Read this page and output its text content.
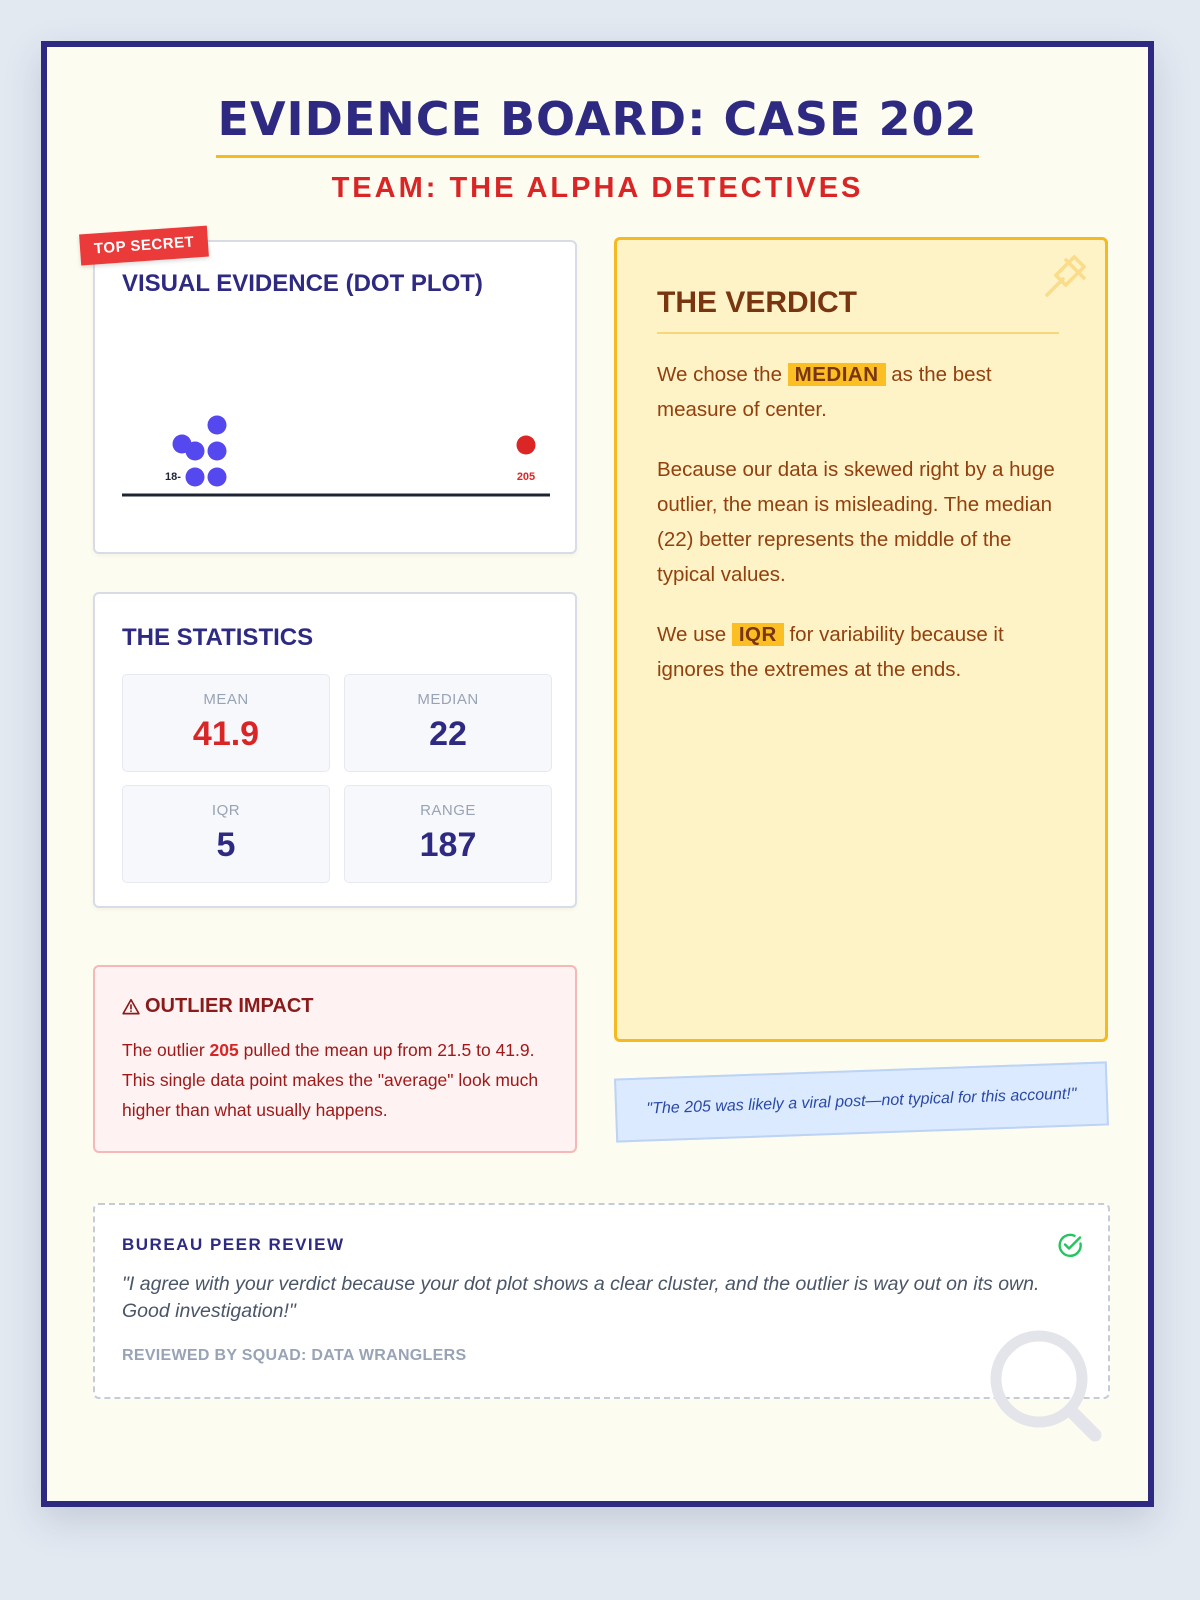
EVIDENCE BOARD: CASE 202
TEAM: THE ALPHA DETECTIVES
VISUAL EVIDENCE (DOT PLOT)
18-	205
TOP SECRET
THE STATISTICS
MEAN
41.9
MEDIAN
22
IQR
5
RANGE
187
OUTLIER IMPACT
The outlier 205 pulled the mean up from 21.5 to 41.9. This single data point makes the "average" look much higher than what usually happens.
THE VERDICT

We chose the MEDIAN as the best measure of center.

Because our data is skewed right by a huge outlier, the mean is misleading. The median (22) better represents the middle of the typical values.

We use IQR for variability because it ignores the extremes at the ends.

"The 205 was likely a viral post—not typical for this account!"
BUREAU PEER REVIEW
"I agree with your verdict because your dot plot shows a clear cluster, and the outlier is way out on its own. Good investigation!"
REVIEWED BY SQUAD: DATA WRANGLERS
